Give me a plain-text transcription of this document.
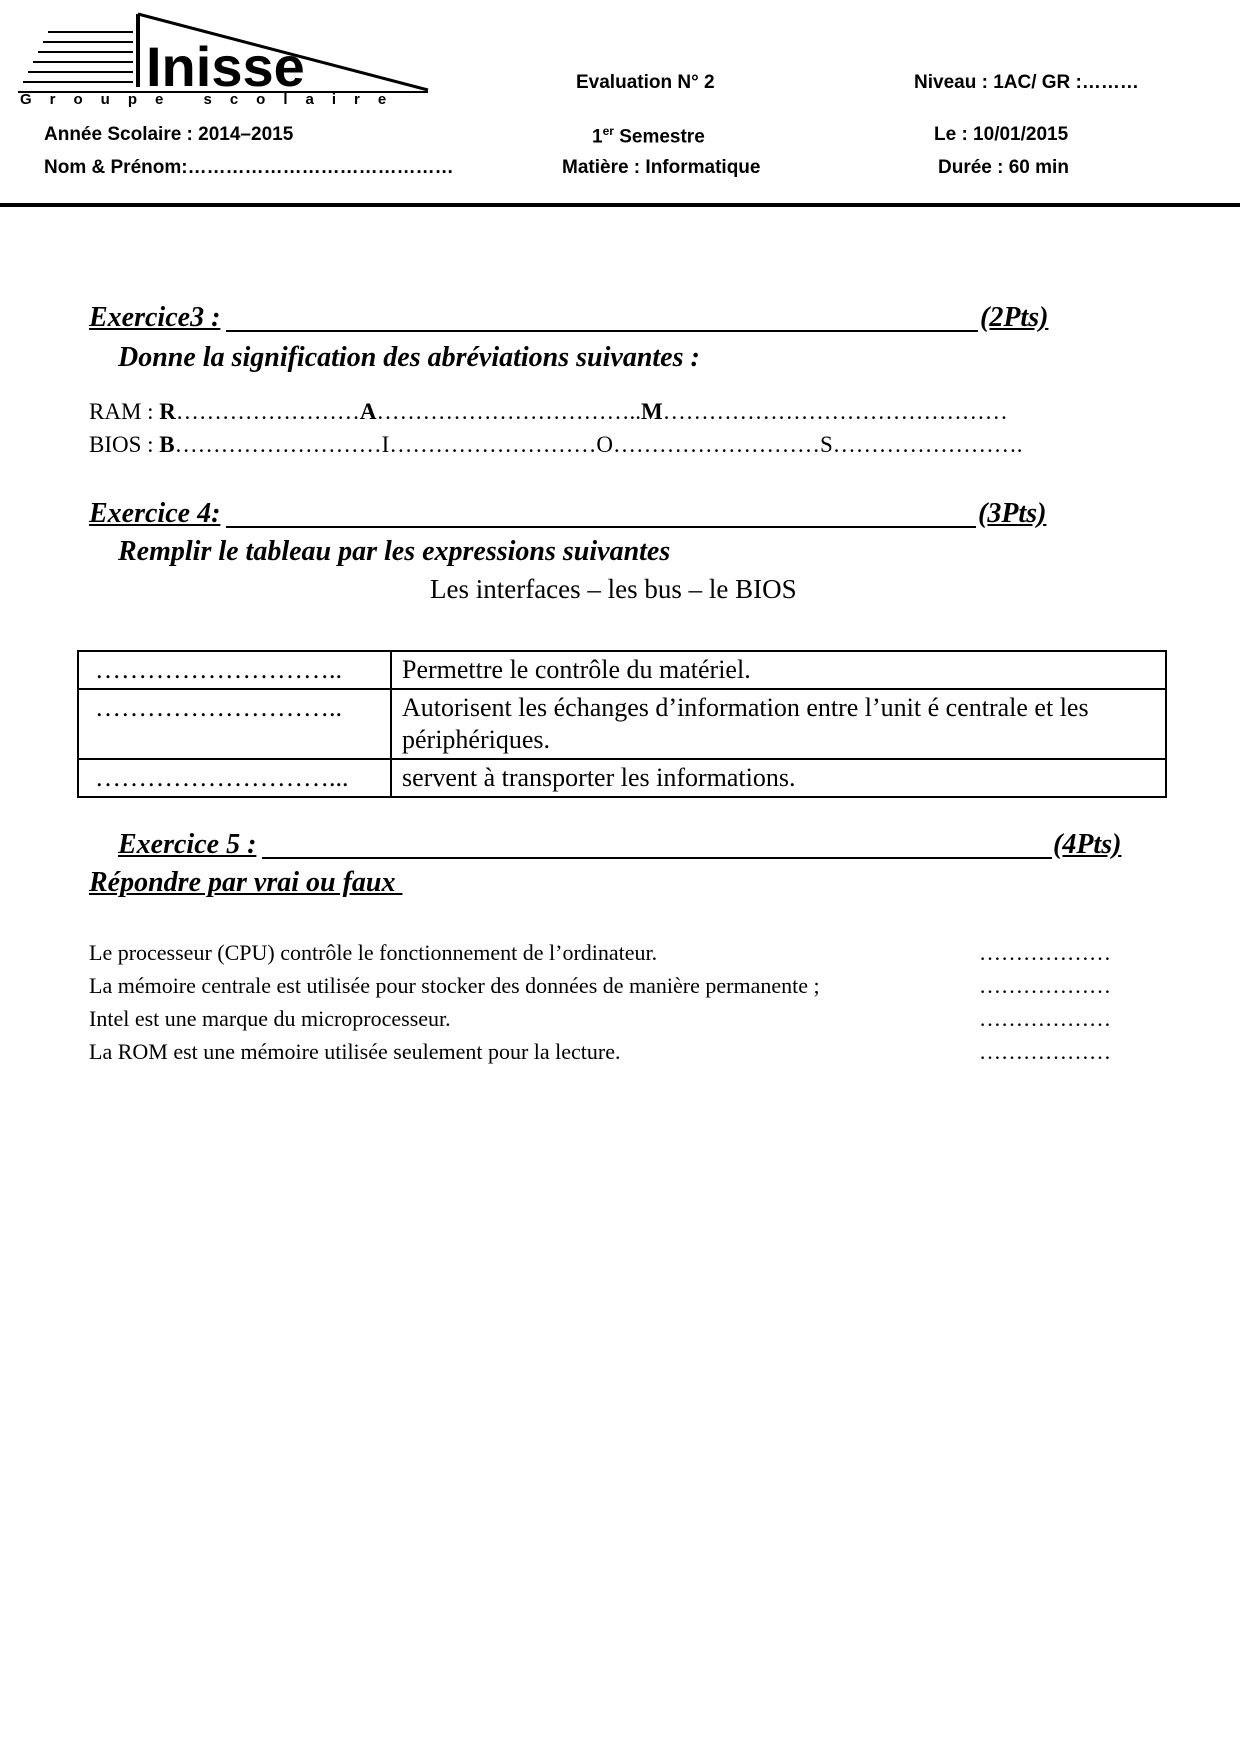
Inisse
Groupe scolaire
Evaluation N° 2	Niveau : 1AC/ GR :………
Année Scolaire : 2014–2015	1er Semestre	Le : 10/01/2015
Nom & Prénom:……………………………………	Matière : Informatique	Durée : 60 min
Exercice3 :	(2Pts)
Donne la signification des abréviations suivantes :
RAM : R……………………A……………………………..M………………………………………
BIOS : B………………………I………………………O………………………S…………………….
Exercice 4:	(3Pts)
Remplir le tableau par les expressions suivantes
Les interfaces – les bus – le BIOS
………………………..	Permettre le contrôle du matériel.
………………………..	Autorisent les échanges d’information entre l’unit é centrale et les périphériques.
………………………...	servent à transporter les informations.
Exercice 5 :	(4Pts)
Répondre par vrai ou faux
Le processeur (CPU) contrôle le fonctionnement de l’ordinateur.	………………
La mémoire centrale est utilisée pour stocker des données de manière permanente ;	………………
Intel est une marque du microprocesseur.	………………
La ROM est une mémoire utilisée seulement pour la lecture.	………………
